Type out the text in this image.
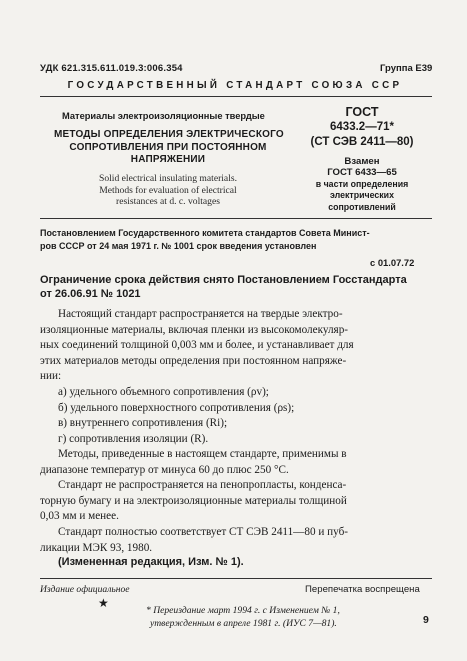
УДК 621.315.611.019.3:006.354	Группа Е39
ГОСУДАРСТВЕННЫЙ СТАНДАРТ СОЮЗА ССР
Материалы электроизоляционные твердые
МЕТОДЫ ОПРЕДЕЛЕНИЯ ЭЛЕКТРИЧЕСКОГО
СОПРОТИВЛЕНИЯ ПРИ ПОСТОЯННОМ
НАПРЯЖЕНИИ
Solid electrical insulating materials.
Methods for evaluation of electrical
resistances at d. c. voltages
ГОСТ
6433.2—71*
(СТ СЭВ 2411—80)
Взамен
ГОСТ 6433—65
в части определения
электрических
сопротивлений
Постановлением Государственного комитета стандартов Совета Минист-
ров СССР от 24 мая 1971 г. № 1001 срок введения установлен
с 01.07.72
Ограничение срока действия снято Постановлением Госстандарта
от 26.06.91 № 1021
Настоящий стандарт распространяется на твердые электро-
изоляционные материалы, включая пленки из высокомолекуляр-
ных соединений толщиной 0,003 мм и более, и устанавливает для
этих материалов методы определения при постоянном напряже-
нии:
а) удельного объемного сопротивления (ρv);
б) удельного поверхностного сопротивления (ρs);
в) внутреннего сопротивления (Ri);
г) сопротивления изоляции (R).
Методы, приведенные в настоящем стандарте, применимы в
диапазоне температур от минуса 60 до плюс 250 °С.
Стандарт не распространяется на пенопропласты, конденса-
торную бумагу и на электроизоляционные материалы толщиной
0,03 мм и менее.
Стандарт полностью соответствует СТ СЭВ 2411—80 и пуб-
ликации МЭК 93, 1980.
(Измененная редакция, Изм. № 1).
Издание официальное	Перепечатка воспрещена
★
* Переиздание март 1994 г. с Изменением № 1,
утвержденным в апреле 1981 г. (ИУС 7—81).	9
